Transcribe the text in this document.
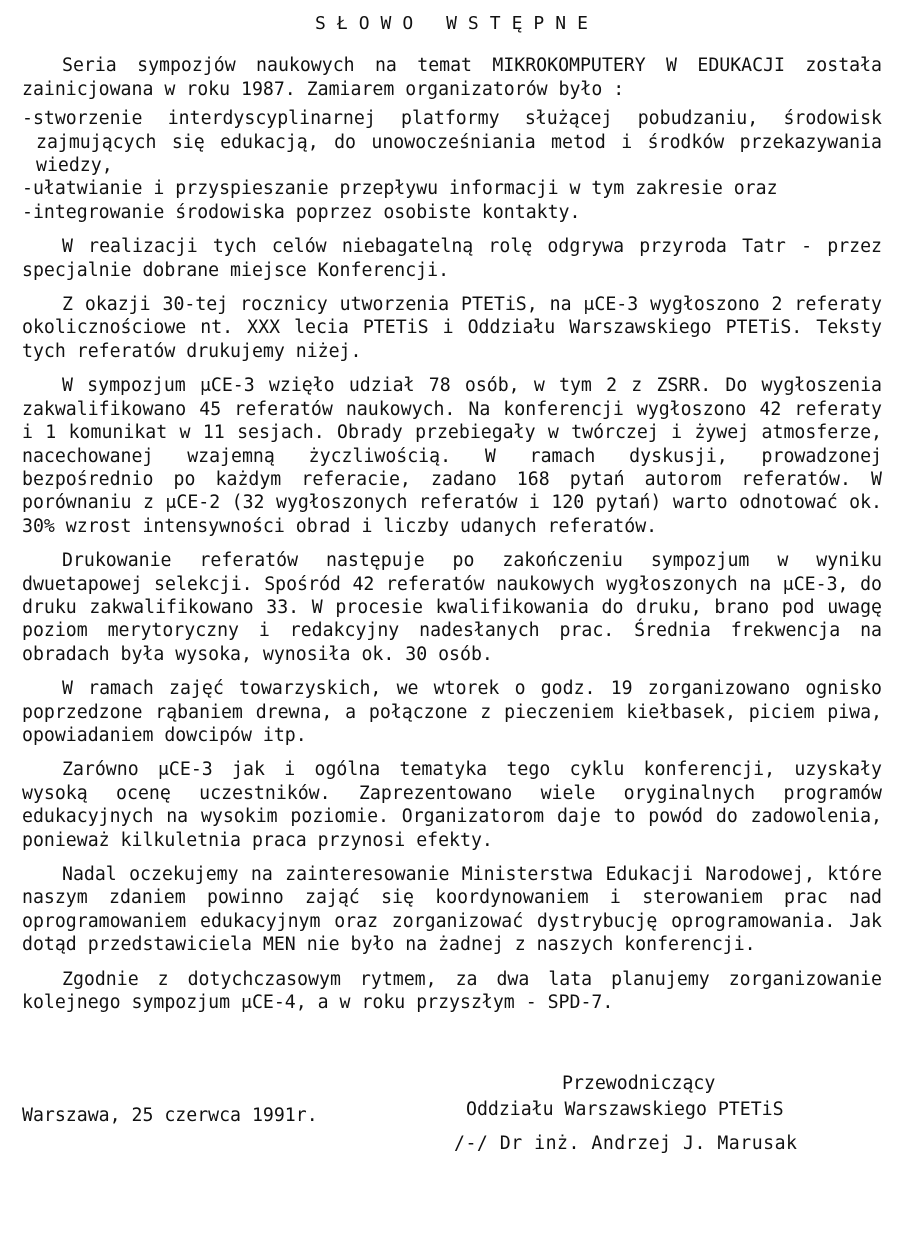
SŁOWO WSTĘPNE

Seria sympozjów naukowych na temat MIKROKOMPUTERY W EDUKACJI została zainicjowana w roku 1987. Zamiarem organizatorów było :

-stworzenie interdyscyplinarnej platformy służącej pobudzaniu, środowisk zajmujących się edukacją, do unowocześniania metod i środków przekazywania wiedzy,
-ułatwianie i przyspieszanie przepływu informacji w tym zakresie oraz
-integrowanie środowiska poprzez osobiste kontakty.

W realizacji tych celów niebagatelną rolę odgrywa przyroda Tatr - przez specjalnie dobrane miejsce Konferencji.

Z okazji 30-tej rocznicy utworzenia PTETiS, na μCE-3 wygłoszono 2 referaty okolicznościowe nt. XXX lecia PTETiS i Oddziału Warszawskiego PTETiS. Teksty tych referatów drukujemy niżej.

W sympozjum μCE-3 wzięło udział 78 osób, w tym 2 z ZSRR. Do wygłoszenia zakwalifikowano 45 referatów naukowych. Na konferencji wygłoszono 42 referaty i 1 komunikat w 11 sesjach. Obrady przebiegały w twórczej i żywej atmosferze, nacechowanej wzajemną życzliwością. W ramach dyskusji, prowadzonej bezpośrednio po każdym referacie, zadano 168 pytań autorom referatów. W porównaniu z μCE-2 (32 wygłoszonych referatów i 120 pytań) warto odnotować ok. 30% wzrost intensywności obrad i liczby udanych referatów.

Drukowanie referatów następuje po zakończeniu sympozjum w wyniku dwuetapowej selekcji. Spośród 42 referatów naukowych wygłoszonych na μCE-3, do druku zakwalifikowano 33. W procesie kwalifikowania do druku, brano pod uwagę poziom merytoryczny i redakcyjny nadesłanych prac. Średnia frekwencja na obradach była wysoka, wynosiła ok. 30 osób.

W ramach zajęć towarzyskich, we wtorek o godz. 19 zorganizowano ognisko poprzedzone rąbaniem drewna, a połączone z pieczeniem kiełbasek, piciem piwa, opowiadaniem dowcipów itp.

Zarówno μCE-3 jak i ogólna tematyka tego cyklu konferencji, uzyskały wysoką ocenę uczestników. Zaprezentowano wiele oryginalnych programów edukacyjnych na wysokim poziomie. Organizatorom daje to powód do zadowolenia, ponieważ kilkuletnia praca przynosi efekty.

Nadal oczekujemy na zainteresowanie Ministerstwa Edukacji Narodowej, które naszym zdaniem powinno zająć się koordynowaniem i sterowaniem prac nad oprogramowaniem edukacyjnym oraz zorganizować dystrybucję oprogramowania. Jak dotąd przedstawiciela MEN nie było na żadnej z naszych konferencji.

Zgodnie z dotychczasowym rytmem, za dwa lata planujemy zorganizowanie kolejnego sympozjum μCE-4, a w roku przyszłym - SPD-7.

Przewodniczący
Warszawa, 25 czerwca 1991r.	Oddziału Warszawskiego PTETiS
/-/ Dr inż. Andrzej J. Marusak
